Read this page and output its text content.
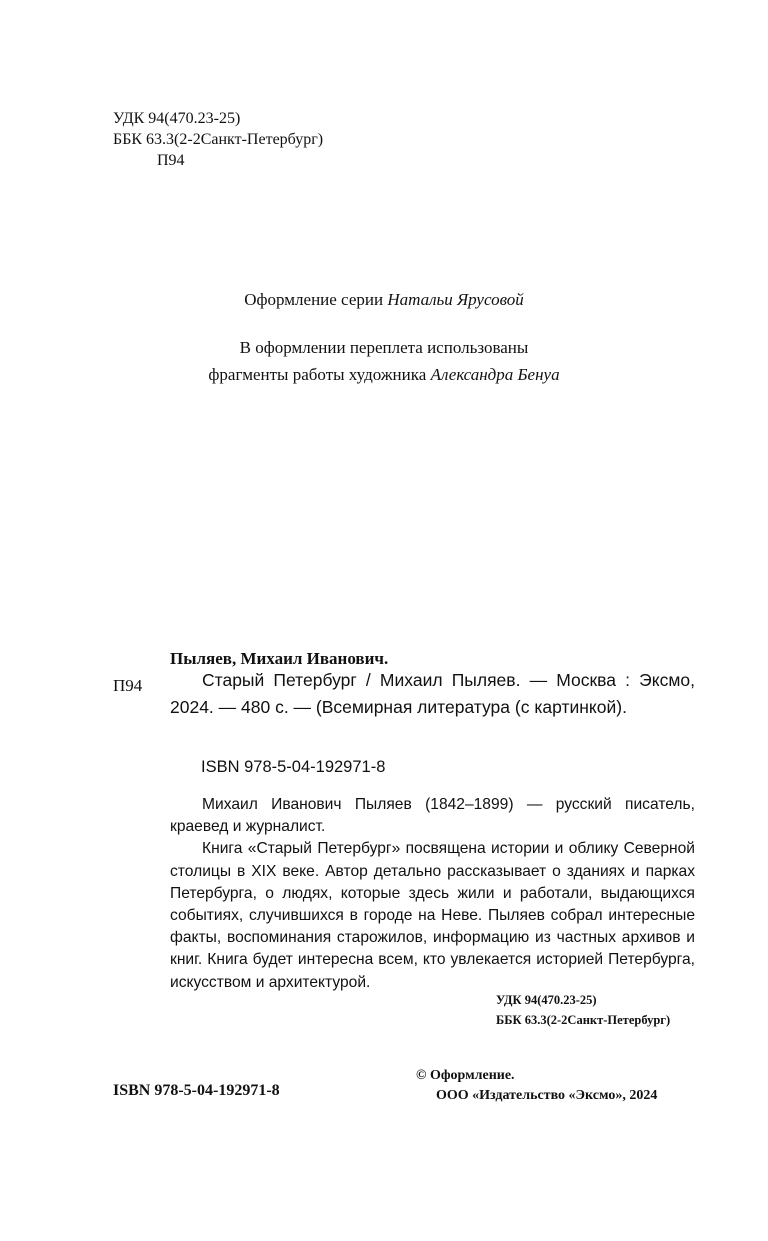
УДК 94(470.23-25)
ББК 63.3(2-2Санкт-Петербург)
П94
Оформление серии Натальи Ярусовой
В оформлении переплета использованы
фрагменты работы художника Александра Бенуа
Пыляев, Михаил Иванович.
П94	Старый Петербург / Михаил Пыляев. — Москва : Эксмо, 2024. — 480 с. — (Всемирная литература (с картинкой).
ISBN 978-5-04-192971-8

Михаил Иванович Пыляев (1842–1899) — русский писатель, краевед и журналист.

Книга «Старый Петербург» посвящена истории и облику Северной столицы в XIX веке. Автор детально рассказывает о зданиях и парках Петербурга, о людях, которые здесь жили и работали, выдающихся событиях, случившихся в городе на Неве. Пыляев собрал интересные факты, воспоминания старожилов, информацию из частных архивов и книг. Книга будет интересна всем, кто увлекается историей Петербурга, искусством и архитектурой.

УДК 94(470.23-25)
ББК 63.3(2-2Санкт-Петербург)
ISBN 978-5-04-192971-8
© Оформление.
ООО «Издательство «Эксмо», 2024
